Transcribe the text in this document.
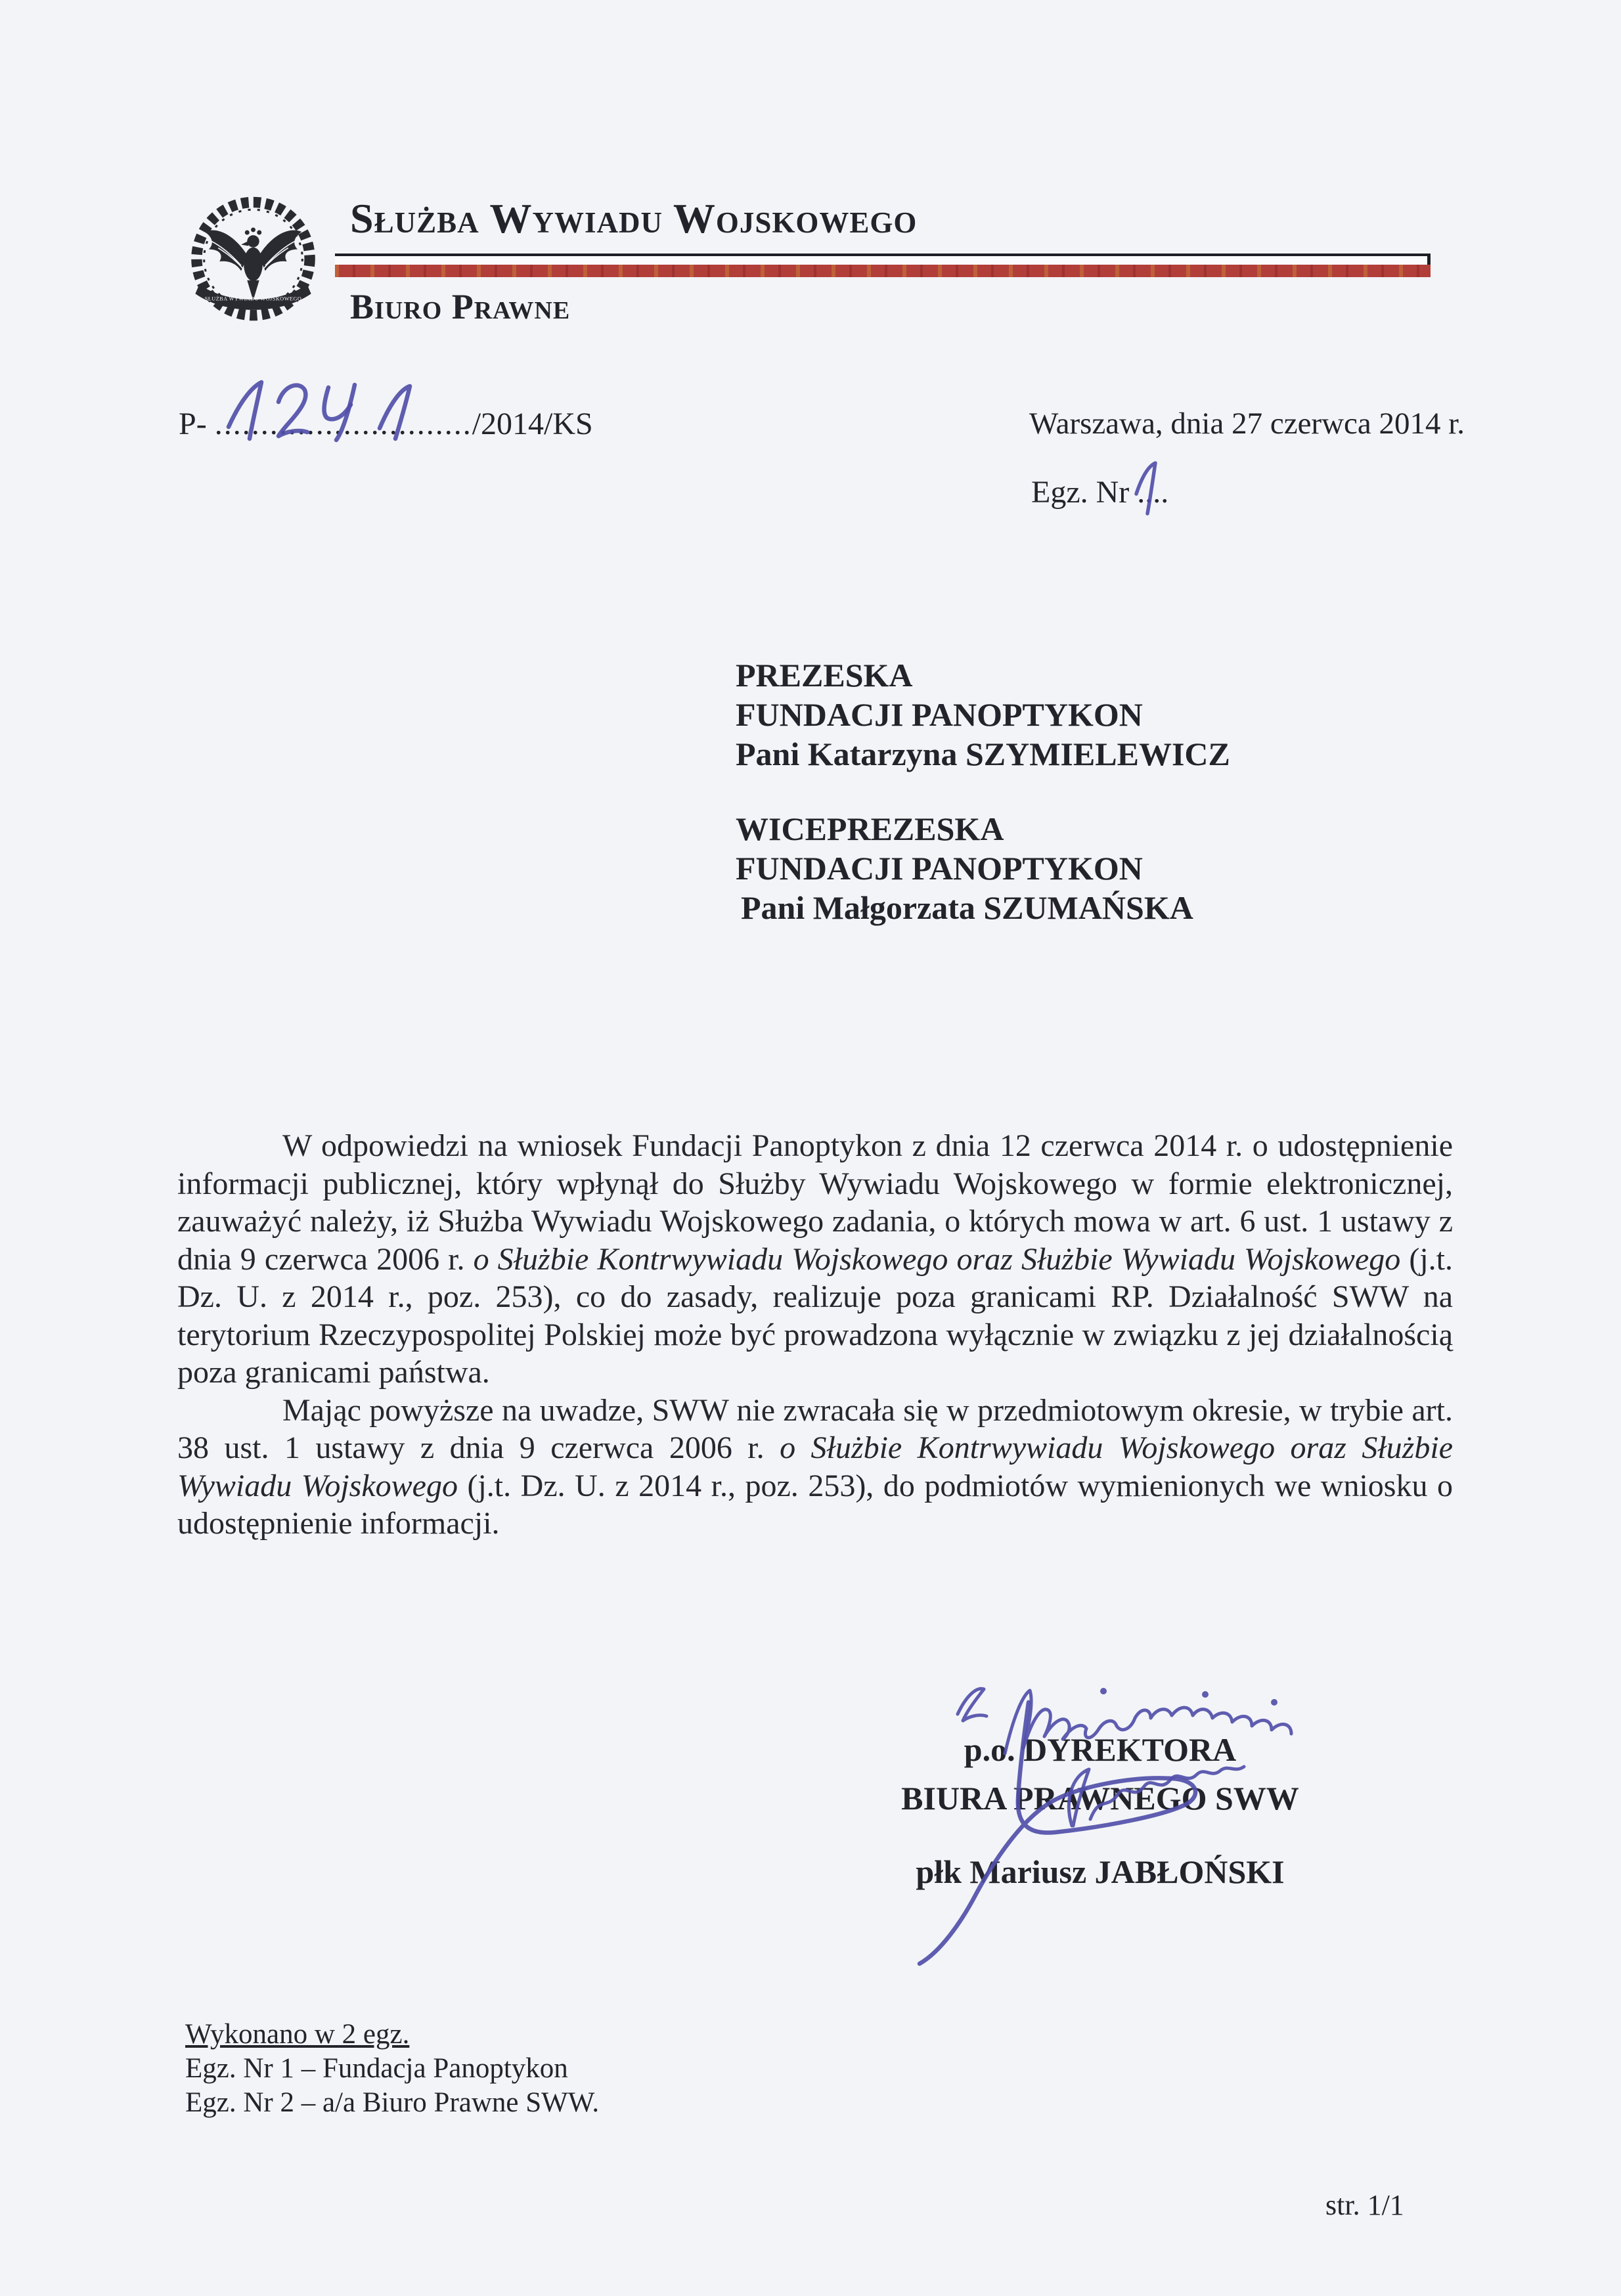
SŁUŻBA WYWIADU WOJSKOWEGO
Służba Wywiadu Wojskowego
Biuro Prawne
P- ............................/2014/KS	Warszawa, dnia 27 czerwca 2014 r.
Egz. Nr ....
PREZESKA
FUNDACJI PANOPTYKON
Pani Katarzyna SZYMIELEWICZ
WICEPREZESKA
FUNDACJI PANOPTYKON
Pani Małgorzata SZUMAŃSKA

W odpowiedzi na wniosek Fundacji Panoptykon z dnia 12 czerwca 2014 r. o udostępnienie informacji publicznej, który wpłynął do Służby Wywiadu Wojskowego w formie elektronicznej, zauważyć należy, iż Służba Wywiadu Wojskowego zadania, o których mowa w art. 6 ust. 1 ustawy z dnia 9 czerwca 2006 r. o Służbie Kontrwywiadu Wojskowego oraz Służbie Wywiadu Wojskowego (j.t. Dz. U. z 2014 r., poz. 253), co do zasady, realizuje poza granicami RP. Działalność SWW na terytorium Rzeczypospolitej Polskiej może być prowadzona wyłącznie w związku z jej działalnością poza granicami państwa.

Mając powyższe na uwadze, SWW nie zwracała się w przedmiotowym okresie, w trybie art. 38 ust. 1 ustawy z dnia 9 czerwca 2006 r. o Służbie Kontrwywiadu Wojskowego oraz Służbie Wywiadu Wojskowego (j.t. Dz. U. z 2014 r., poz. 253), do podmiotów wymienionych we wniosku o udostępnienie informacji.

p.o. DYREKTORA
BIURA PRAWNEGO SWW
płk Mariusz JABŁOŃSKI
Wykonano w 2 egz.
Egz. Nr 1 – Fundacja Panoptykon
Egz. Nr 2 – a/a Biuro Prawne SWW.
str. 1/1
